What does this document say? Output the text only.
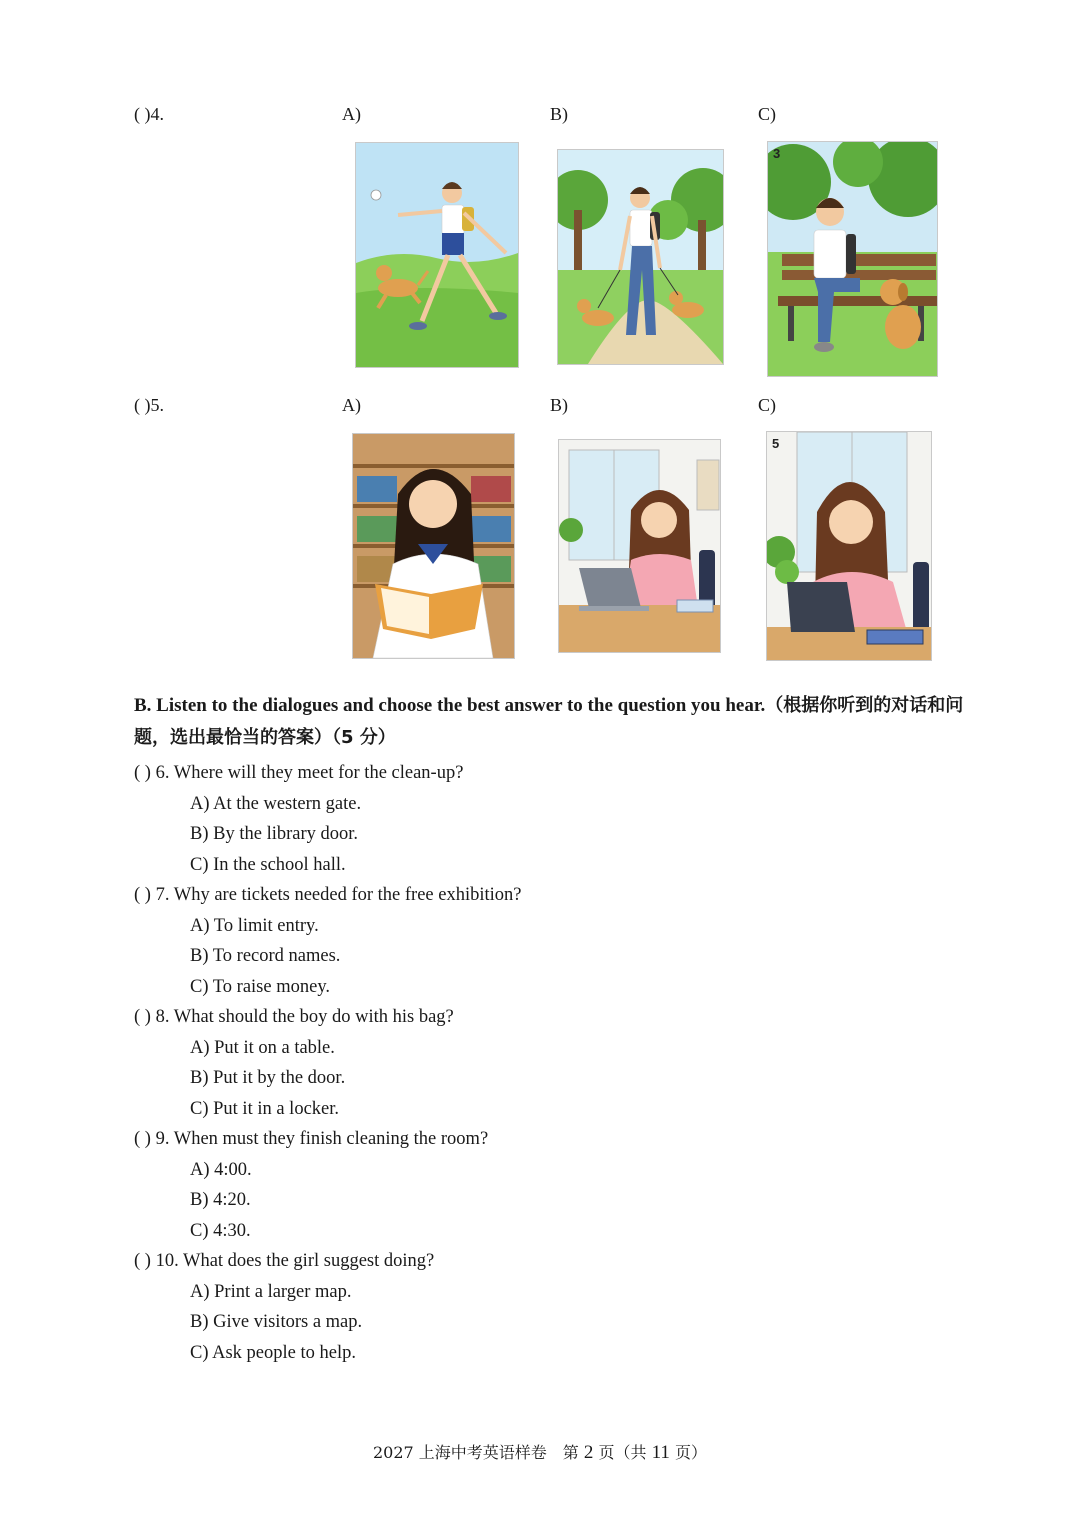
( )4.	A)	B)	C)
3
( )5.	A)	B)	C)
5
B. Listen to the dialogues and choose the best answer to the question you hear.（根据你听到的对话和问题，选出最恰当的答案）（5 分）
( ) 6. Where will they meet for the clean-up?
A) At the western gate.
B) By the library door.
C) In the school hall.
( ) 7. Why are tickets needed for the free exhibition?
A) To limit entry.
B) To record names.
C) To raise money.
( ) 8. What should the boy do with his bag?
A) Put it on a table.
B) Put it by the door.
C) Put it in a locker.
( ) 9. When must they finish cleaning the room?
A) 4:00.
B) 4:20.
C) 4:30.
( ) 10. What does the girl suggest doing?
A) Print a larger map.
B) Give visitors a map.
C) Ask people to help.
2027 上海中考英语样卷　第 2 页（共 11 页）
